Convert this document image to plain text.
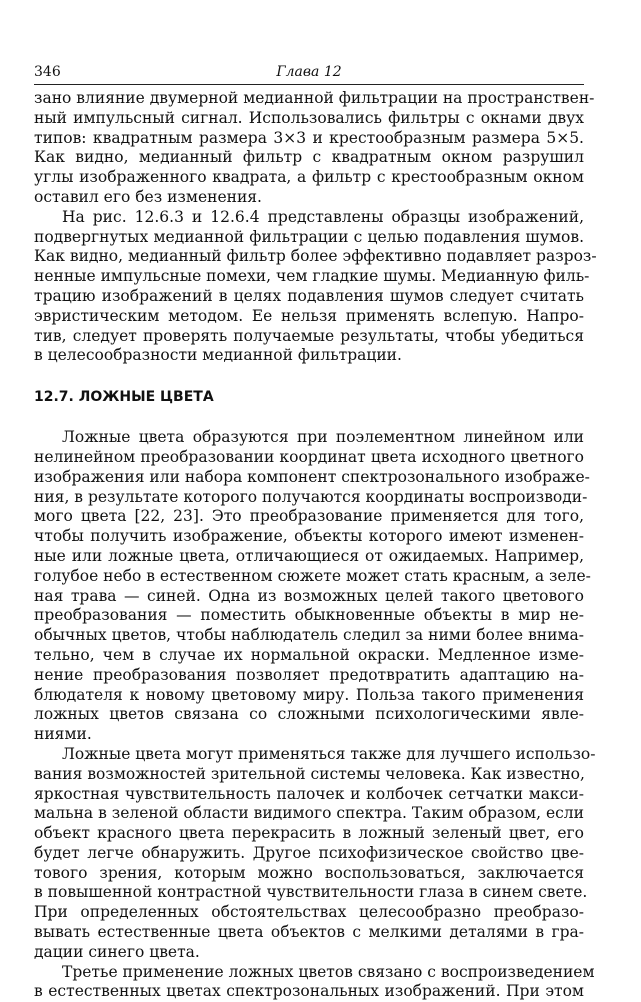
346	Глава 12
зано влияние двумерной медианной фильтрации на пространствен-
ный импульсный сигнал. Использовались фильтры с окнами двух
типов: квадратным размера 3×3 и крестообразным размера 5×5.
Как видно, медианный фильтр с квадратным окном разрушил
углы изображенного квадрата, а фильтр с крестообразным окном
оставил его без изменения.
На рис. 12.6.3 и 12.6.4 представлены образцы изображений,
подвергнутых медианной фильтрации с целью подавления шумов.
Как видно, медианный фильтр более эффективно подавляет разроз-
ненные импульсные помехи, чем гладкие шумы. Медианную филь-
трацию изображений в целях подавления шумов следует считать
эвристическим методом. Ее нельзя применять вслепую. Напро-
тив, следует проверять получаемые результаты, чтобы убедиться
в целесообразности медианной фильтрации.
12.7. ЛОЖНЫЕ ЦВЕТА
Ложные цвета образуются при поэлементном линейном или
нелинейном преобразовании координат цвета исходного цветного
изображения или набора компонент спектрозонального изображе-
ния, в результате которого получаются координаты воспроизводи-
мого цвета [22, 23]. Это преобразование применяется для того,
чтобы получить изображение, объекты которого имеют изменен-
ные или ложные цвета, отличающиеся от ожидаемых. Например,
голубое небо в естественном сюжете может стать красным, а зеле-
ная трава — синей. Одна из возможных целей такого цветового
преобразования — поместить обыкновенные объекты в мир не-
обычных цветов, чтобы наблюдатель следил за ними более внима-
тельно, чем в случае их нормальной окраски. Медленное изме-
нение преобразования позволяет предотвратить адаптацию на-
блюдателя к новому цветовому миру. Польза такого применения
ложных цветов связана со сложными психологическими явле-
ниями.
Ложные цвета могут применяться также для лучшего использо-
вания возможностей зрительной системы человека. Как известно,
яркостная чувствительность палочек и колбочек сетчатки макси-
мальна в зеленой области видимого спектра. Таким образом, если
объект красного цвета перекрасить в ложный зеленый цвет, его
будет легче обнаружить. Другое психофизическое свойство цве-
тового зрения, которым можно воспользоваться, заключается
в повышенной контрастной чувствительности глаза в синем свете.
При определенных обстоятельствах целесообразно преобразо-
вывать естественные цвета объектов с мелкими деталями в гра-
дации синего цвета.
Третье применение ложных цветов связано с воспроизведением
в естественных цветах спектрозональных изображений. При этом
